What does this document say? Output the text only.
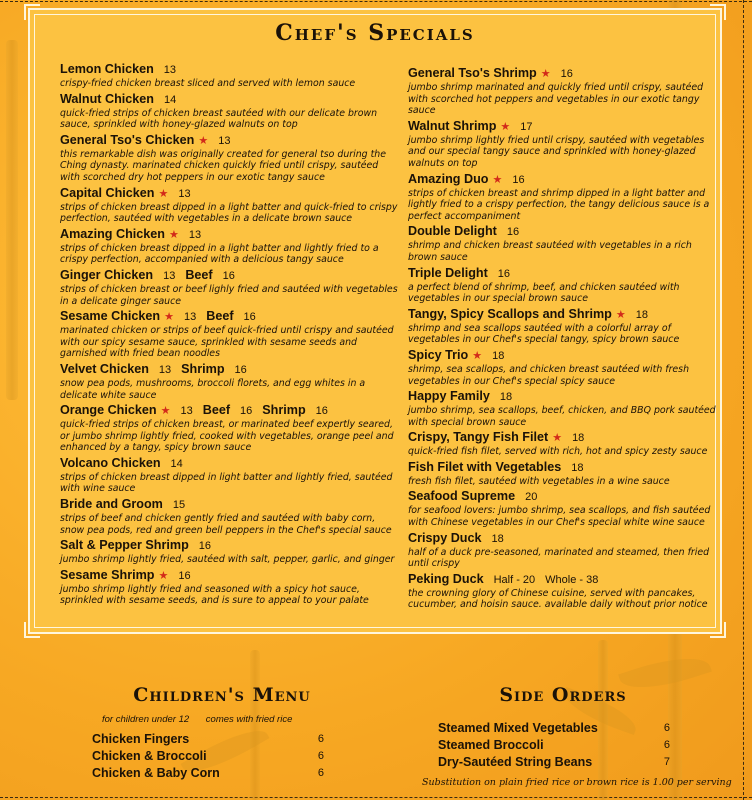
Chef's Specials
Lemon Chicken 13
crispy-fried chicken breast sliced and served with lemon sauce
Walnut Chicken 14
quick-fried strips of chicken breast sautéed with our delicate brown sauce, sprinkled with honey-glazed walnuts on top
General Tso's Chicken ★ 13
this remarkable dish was originally created for general tso during the Ching dynasty. marinated chicken quickly fried until crispy, sautéed with scorched dry hot peppers in our exotic tangy sauce
Capital Chicken ★ 13
strips of chicken breast dipped in a light batter and quick-fried to crispy perfection, sautéed with vegetables in a delicate brown sauce
Amazing Chicken ★ 13
strips of chicken breast dipped in a light batter and lightly fried to a crispy perfection, accompanied with a delicious tangy sauce
Ginger Chicken 13 Beef 16
strips of chicken breast or beef lighly fried and sautéed with vegetables in a delicate ginger sauce
Sesame Chicken ★ 13 Beef 16
marinated chicken or strips of beef quick-fried until crispy and sautéed with our spicy sesame sauce, sprinkled with sesame seeds and garnished with fried bean noodles
Velvet Chicken 13 Shrimp 16
snow pea pods, mushrooms, broccoli florets, and egg whites in a delicate white sauce
Orange Chicken ★ 13 Beef 16 Shrimp 16
quick-fried strips of chicken breast, or marinated beef expertly seared, or jumbo shrimp lightly fried, cooked with vegetables, orange peel and enhanced by a tangy, spicy brown sauce
Volcano Chicken 14
strips of chicken breast dipped in light batter and lightly fried, sautéed with wine sauce
Bride and Groom 15
strips of beef and chicken gently fried and sautéed with baby corn, snow pea pods, red and green bell peppers in the Chef's special sauce
Salt & Pepper Shrimp 16
jumbo shrimp lightly fried, sautéed with salt, pepper, garlic, and ginger
Sesame Shrimp ★ 16
jumbo shrimp lightly fried and seasoned with a spicy hot sauce, sprinkled with sesame seeds, and is sure to appeal to your palate
General Tso's Shrimp ★ 16
jumbo shrimp marinated and quickly fried until crispy, sautéed with scorched hot peppers and vegetables in our exotic tangy sauce
Walnut Shrimp ★ 17
jumbo shrimp lightly fried until crispy, sautéed with vegetables and our special tangy sauce and sprinkled with honey-glazed walnuts on top
Amazing Duo ★ 16
strips of chicken breast and shrimp dipped in a light batter and lightly fried to a crispy perfection, the tangy delicious sauce is a perfect accompaniment
Double Delight 16
shrimp and chicken breast sautéed with vegetables in a rich brown sauce
Triple Delight 16
a perfect blend of shrimp, beef, and chicken sautéed with vegetables in our special brown sauce
Tangy, Spicy Scallops and Shrimp ★ 18
shrimp and sea scallops sautéed with a colorful array of vegetables in our Chef's special tangy, spicy brown sauce
Spicy Trio ★ 18
shrimp, sea scallops, and chicken breast sautéed with fresh vegetables in our Chef's special spicy sauce
Happy Family 18
jumbo shrimp, sea scallops, beef, chicken, and BBQ pork sautéed with special brown sauce
Crispy, Tangy Fish Filet ★ 18
quick-fried fish filet, served with rich, hot and spicy zesty sauce
Fish Filet with Vegetables 18
fresh fish filet, sautéed with vegetables in a wine sauce
Seafood Supreme 20
for seafood lovers: jumbo shrimp, sea scallops, and fish sautéed with Chinese vegetables in our Chef's special white wine sauce
Crispy Duck 18
half of a duck pre-seasoned, marinated and steamed, then fried until crispy
Peking Duck Half - 20 Whole - 38
the crowning glory of Chinese cuisine, served with pancakes, cucumber, and hoisin sauce. available daily without prior notice
Children's Menu
for children under 12 comes with fried rice
Chicken Fingers	6
Chicken & Broccoli	6
Chicken & Baby Corn	6
Side Orders
Steamed Mixed Vegetables	6
Steamed Broccoli	6
Dry-Sautéed String Beans	7
Substitution on plain fried rice or brown rice is 1.00 per serving
